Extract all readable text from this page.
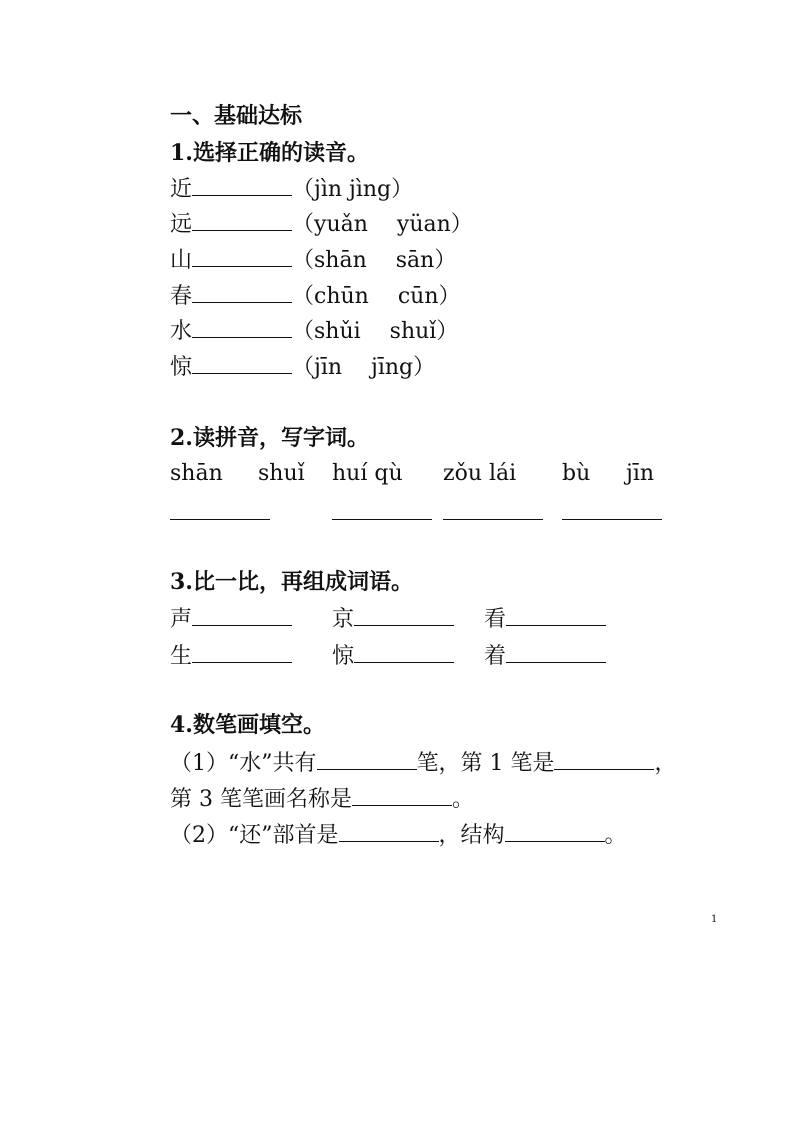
一、基础达标
1.选择正确的读音。
近	（jìn jìng）
远	（yuǎn　 yüan）
山	（shān　 sān）
春	（chūn　 cūn）
水	（shǔi　 shuǐ）
惊	（jīn　 jīng）
2.读拼音，写字词。
shān shuǐ huí qù zǒu lái bù jīn
3.比一比，再组成词语。
声	京	看
生	惊	着
4.数笔画填空。
（1）“水”共有	笔，第 1 笔是	，
第 3 笔笔画名称是	。
（2）“还”部首是	，结构	。
1
